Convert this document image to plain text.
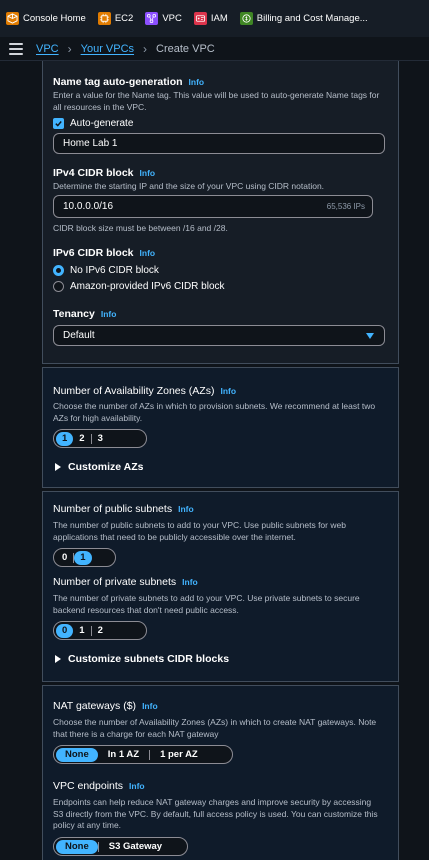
Console Home	EC2	VPC	IAM	Billing and Cost Manage...
VPC › Your VPCs › Create VPC
Name tag auto-generation Info
Enter a value for the Name tag. This value will be used to auto-generate Name tags for all resources in the VPC.
Auto-generate
Home Lab 1
IPv4 CIDR block Info
Determine the starting IP and the size of your VPC using CIDR notation.
10.0.0.0/16	65,536 IPs
CIDR block size must be between /16 and /28.
IPv6 CIDR block Info
No IPv6 CIDR block
Amazon-provided IPv6 CIDR block
Tenancy Info
Default
Number of Availability Zones (AZs) Info
Choose the number of AZs in which to provision subnets. We recommend at least two AZs for high availability.
1	2	3
Customize AZs
Number of public subnets Info
The number of public subnets to add to your VPC. Use public subnets for web applications that need to be publicly accessible over the internet.
0	1
Number of private subnets Info
The number of private subnets to add to your VPC. Use private subnets to secure backend resources that don't need public access.
0	1	2
Customize subnets CIDR blocks
NAT gateways ($) Info
Choose the number of Availability Zones (AZs) in which to create NAT gateways. Note that there is a charge for each NAT gateway
None	In 1 AZ	1 per AZ
VPC endpoints Info
Endpoints can help reduce NAT gateway charges and improve security by accessing S3 directly from the VPC. By default, full access policy is used. You can customize this policy at any time.
None	S3 Gateway
